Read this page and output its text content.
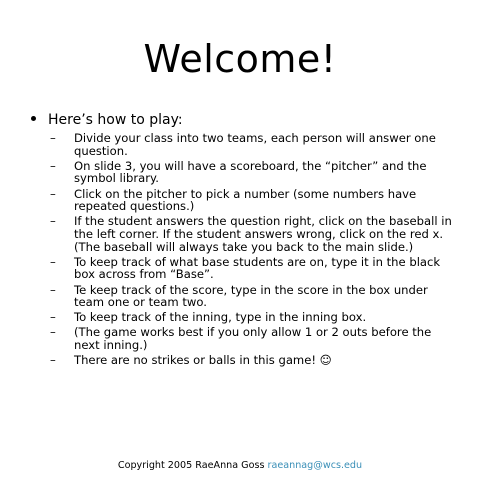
Welcome!
Here’s how to play:
– Divide your class into two teams, each person will answer one question.
– On slide 3, you will have a scoreboard, the “pitcher” and the symbol library.
– Click on the pitcher to pick a number (some numbers have repeated questions.)
– If the student answers the question right, click on the baseball in the left corner. If the student answers wrong, click on the red x. (The baseball will always take you back to the main slide.)
– To keep track of what base students are on, type it in the black box across from “Base”.
– Te keep track of the score, type in the score in the box under team one or team two.
– To keep track of the inning, type in the inning box.
– (The game works best if you only allow 1 or 2 outs before the next inning.)
– There are no strikes or balls in this game! ☺
Copyright 2005 RaeAnna Goss raeannag@wcs.edu
